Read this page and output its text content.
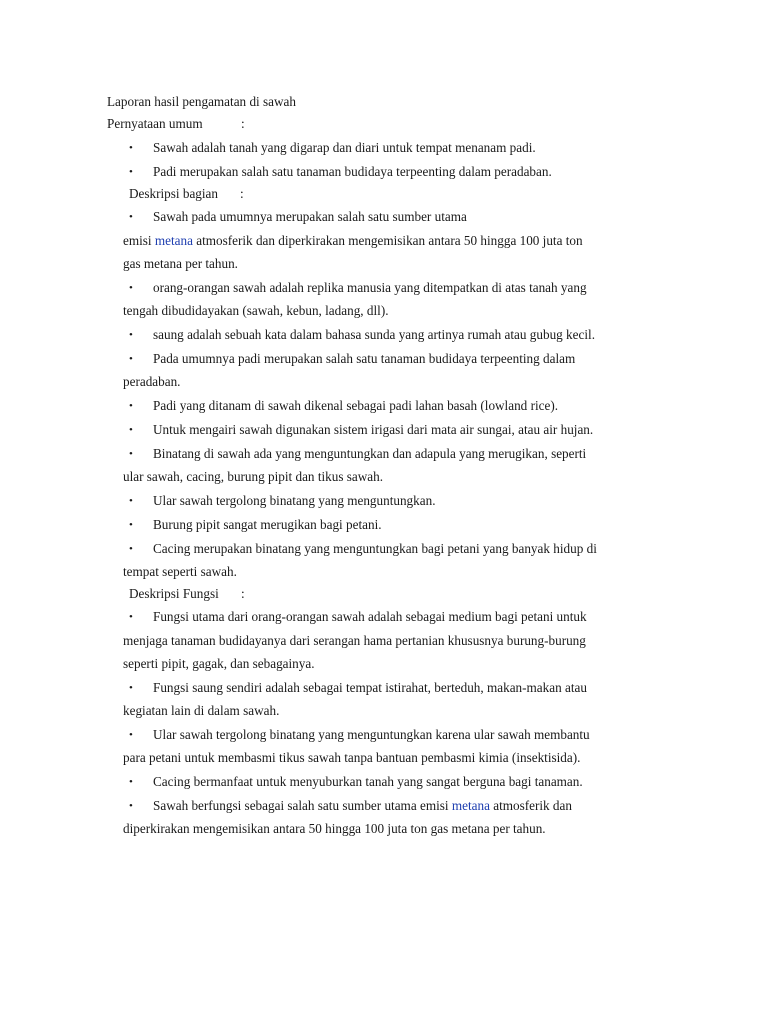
Laporan hasil pengamatan di sawah
Pernyataan umum	:
• Sawah adalah tanah yang digarap dan diari untuk tempat menanam padi.
• Padi merupakan salah satu tanaman budidaya terpeenting dalam peradaban.
Deskripsi bagian :
• Sawah pada umumnya merupakan salah satu sumber utama
emisi metana atmosferik dan diperkirakan mengemisikan antara 50 hingga 100 juta ton
gas metana per tahun.
• orang-orangan sawah adalah replika manusia yang ditempatkan di atas tanah yang
tengah dibudidayakan (sawah, kebun, ladang, dll).
• saung adalah sebuah kata dalam bahasa sunda yang artinya rumah atau gubug kecil.
• Pada umumnya padi merupakan salah satu tanaman budidaya terpeenting dalam
peradaban.
• Padi yang ditanam di sawah dikenal sebagai padi lahan basah (lowland rice).
• Untuk mengairi sawah digunakan sistem irigasi dari mata air sungai, atau air hujan.
• Binatang di sawah ada yang menguntungkan dan adapula yang merugikan, seperti
ular sawah, cacing, burung pipit dan tikus sawah.
• Ular sawah tergolong binatang yang menguntungkan.
• Burung pipit sangat merugikan bagi petani.
• Cacing merupakan binatang yang menguntungkan bagi petani yang banyak hidup di
tempat seperti sawah.
Deskripsi Fungsi :
• Fungsi utama dari orang-orangan sawah adalah sebagai medium bagi petani untuk
menjaga tanaman budidayanya dari serangan hama pertanian khususnya burung-burung
seperti pipit, gagak, dan sebagainya.
• Fungsi saung sendiri adalah sebagai tempat istirahat, berteduh, makan-makan atau
kegiatan lain di dalam sawah.
• Ular sawah tergolong binatang yang menguntungkan karena ular sawah membantu
para petani untuk membasmi tikus sawah tanpa bantuan pembasmi kimia (insektisida).
• Cacing bermanfaat untuk menyuburkan tanah yang sangat berguna bagi tanaman.
• Sawah berfungsi sebagai salah satu sumber utama emisi metana atmosferik dan
diperkirakan mengemisikan antara 50 hingga 100 juta ton gas metana per tahun.
